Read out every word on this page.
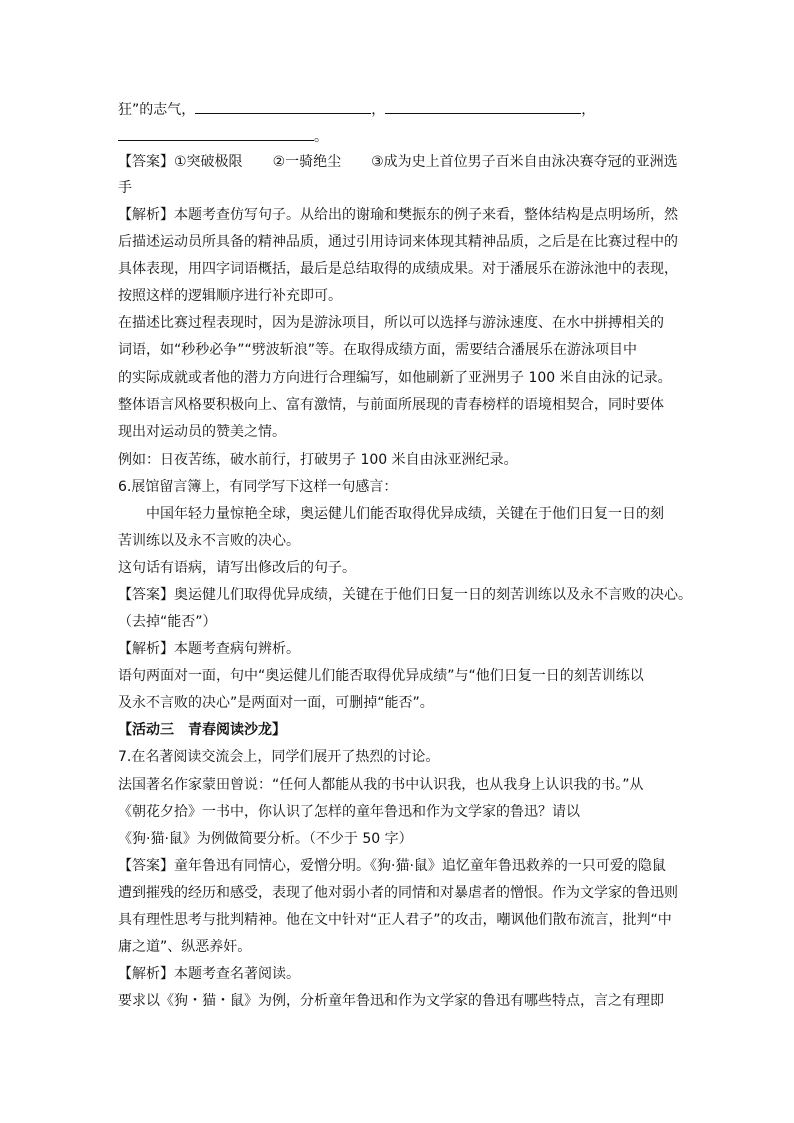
狂”的志气，	，	，
。
【答案】①突破极限 ②一骑绝尘 ③成为史上首位男子百米自由泳决赛夺冠的亚洲选
手
【解析】本题考查仿写句子。从给出的谢瑜和樊振东的例子来看，整体结构是点明场所，然
后描述运动员所具备的精神品质，通过引用诗词来体现其精神品质，之后是在比赛过程中的
具体表现，用四字词语概括，最后是总结取得的成绩成果。对于潘展乐在游泳池中的表现，
按照这样的逻辑顺序进行补充即可。
在描述比赛过程表现时，因为是游泳项目，所以可以选择与游泳速度、在水中拼搏相关的
词语，如“秒秒必争”“劈波斩浪”等。在取得成绩方面，需要结合潘展乐在游泳项目中
的实际成就或者他的潜力方向进行合理编写，如他刷新了亚洲男子 100 米自由泳的记录。
整体语言风格要积极向上、富有激情，与前面所展现的青春榜样的语境相契合，同时要体
现出对运动员的赞美之情。
例如：日夜苦练，破水前行，打破男子 100 米自由泳亚洲纪录。
6.展馆留言簿上，有同学写下这样一句感言：
中国年轻力量惊艳全球，奥运健儿们能否取得优异成绩，关键在于他们日复一日的刻
苦训练以及永不言败的决心。
这句话有语病，请写出修改后的句子。
【答案】奥运健儿们取得优异成绩，关键在于他们日复一日的刻苦训练以及永不言败的决心。
（去掉“能否”）
【解析】本题考查病句辨析。
语句两面对一面，句中“奥运健儿们能否取得优异成绩”与“他们日复一日的刻苦训练以
及永不言败的决心”是两面对一面，可删掉“能否”。
【活动三　青春阅读沙龙】
7.在名著阅读交流会上，同学们展开了热烈的讨论。
法国著名作家蒙田曾说：“任何人都能从我的书中认识我，也从我身上认识我的书。”从
《朝花夕拾》一书中，你认识了怎样的童年鲁迅和作为文学家的鲁迅？请以
《狗·猫·鼠》为例做简要分析。（不少于 50 字）
【答案】童年鲁迅有同情心，爱憎分明。《狗·猫·鼠》追忆童年鲁迅救养的一只可爱的隐鼠
遭到摧残的经历和感受，表现了他对弱小者的同情和对暴虐者的憎恨。作为文学家的鲁迅则
具有理性思考与批判精神。他在文中针对“正人君子”的攻击，嘲讽他们散布流言，批判“中
庸之道”、纵恶养奸。
【解析】本题考查名著阅读。
要求以《狗・猫・鼠》为例，分析童年鲁迅和作为文学家的鲁迅有哪些特点，言之有理即
